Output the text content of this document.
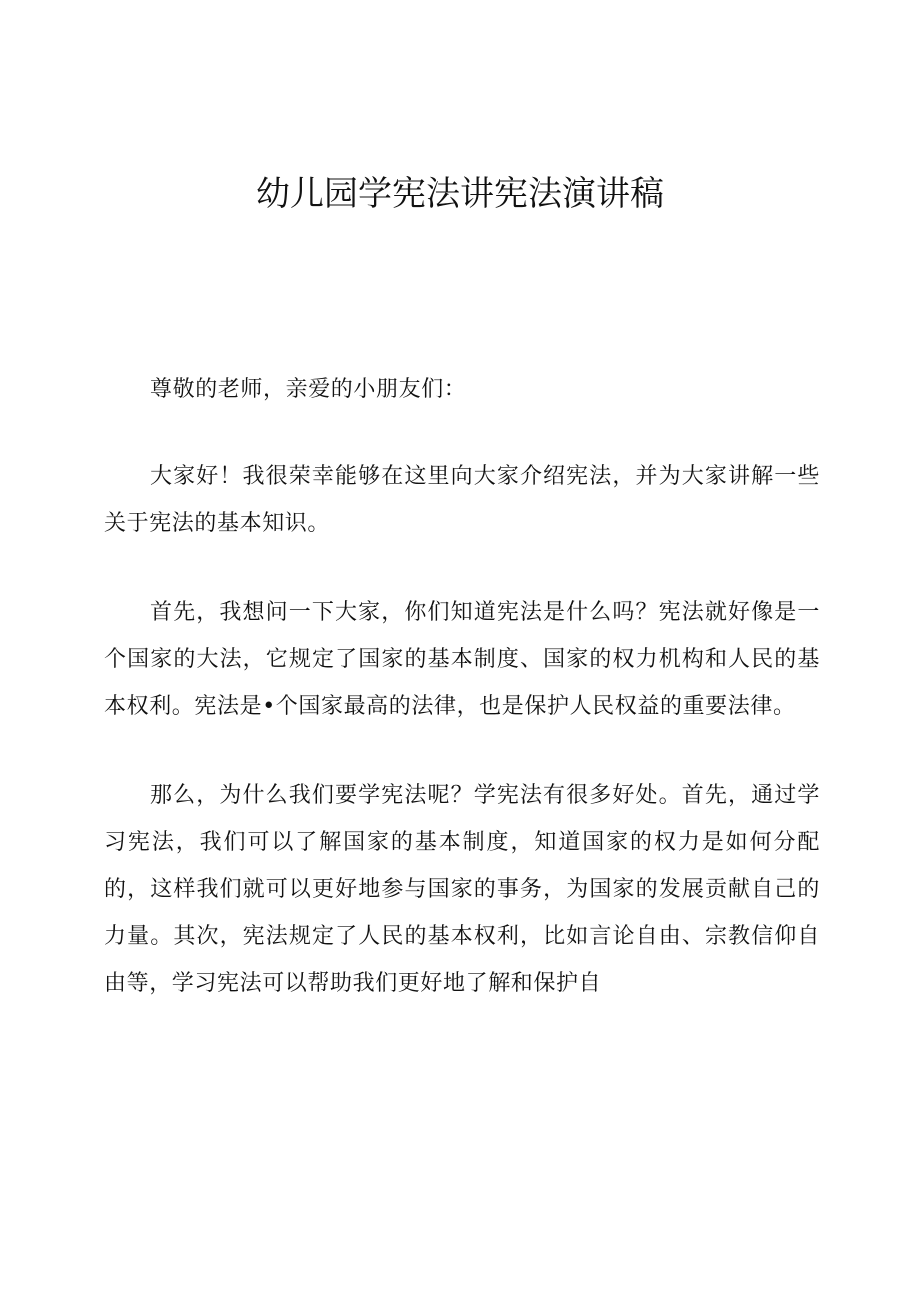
幼儿园学宪法讲宪法演讲稿

尊敬的老师，亲爱的小朋友们：

大家好！我很荣幸能够在这里向大家介绍宪法，并为大家讲解一些关于宪法的基本知识。

首先，我想问一下大家，你们知道宪法是什么吗？宪法就好像是一个国家的大法，它规定了国家的基本制度、国家的权力机构和人民的基本权利。宪法是•个国家最高的法律，也是保护人民权益的重要法律。

那么，为什么我们要学宪法呢？学宪法有很多好处。首先，通过学习宪法，我们可以了解国家的基本制度，知道国家的权力是如何分配的，这样我们就可以更好地参与国家的事务，为国家的发展贡献自己的力量。其次，宪法规定了人民的基本权利，比如言论自由、宗教信仰自由等，学习宪法可以帮助我们更好地了解和保护自
